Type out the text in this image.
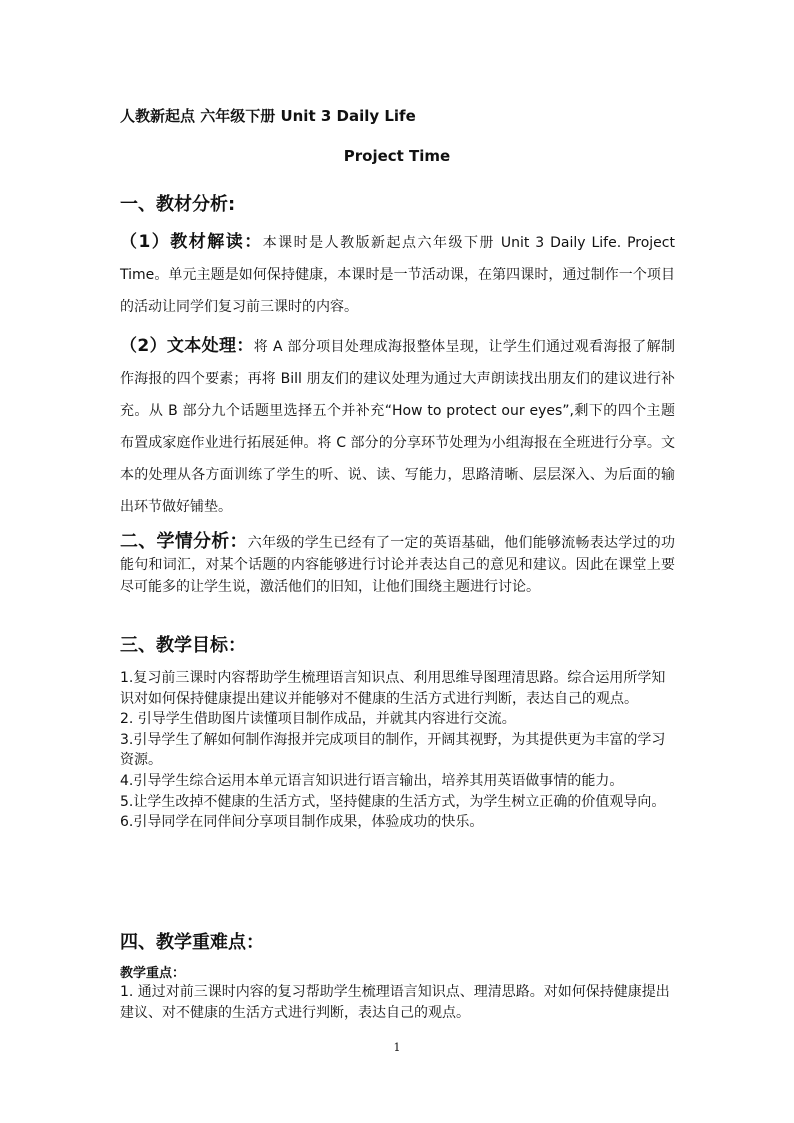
人教新起点 六年级下册 Unit 3 Daily Life

Project Time

一、教材分析:

（1）教材解读：本课时是人教版新起点六年级下册 Unit 3 Daily Life. Project Time。单元主题是如何保持健康，本课时是一节活动课，在第四课时，通过制作一个项目的活动让同学们复习前三课时的内容。

（2）文本处理：将 A 部分项目处理成海报整体呈现，让学生们通过观看海报了解制作海报的四个要素；再将 Bill 朋友们的建议处理为通过大声朗读找出朋友们的建议进行补充。从 B 部分九个话题里选择五个并补充“How to protect our eyes”,剩下的四个主题布置成家庭作业进行拓展延伸。将 C 部分的分享环节处理为小组海报在全班进行分享。文本的处理从各方面训练了学生的听、说、读、写能力，思路清晰、层层深入、为后面的输出环节做好铺垫。

二、学情分析：六年级的学生已经有了一定的英语基础，他们能够流畅表达学过的功能句和词汇，对某个话题的内容能够进行讨论并表达自己的意见和建议。因此在课堂上要尽可能多的让学生说，激活他们的旧知，让他们围绕主题进行讨论。

三、教学目标：

1.复习前三课时内容帮助学生梳理语言知识点、利用思维导图理清思路。综合运用所学知识对如何保持健康提出建议并能够对不健康的生活方式进行判断，表达自己的观点。

2. 引导学生借助图片读懂项目制作成品，并就其内容进行交流。

3.引导学生了解如何制作海报并完成项目的制作，开阔其视野，为其提供更为丰富的学习资源。

4.引导学生综合运用本单元语言知识进行语言输出，培养其用英语做事情的能力。

5.让学生改掉不健康的生活方式，坚持健康的生活方式，为学生树立正确的价值观导向。

6.引导同学在同伴间分享项目制作成果，体验成功的快乐。

四、教学重难点：

教学重点：

1. 通过对前三课时内容的复习帮助学生梳理语言知识点、理清思路。对如何保持健康提出建议、对不健康的生活方式进行判断，表达自己的观点。

1
